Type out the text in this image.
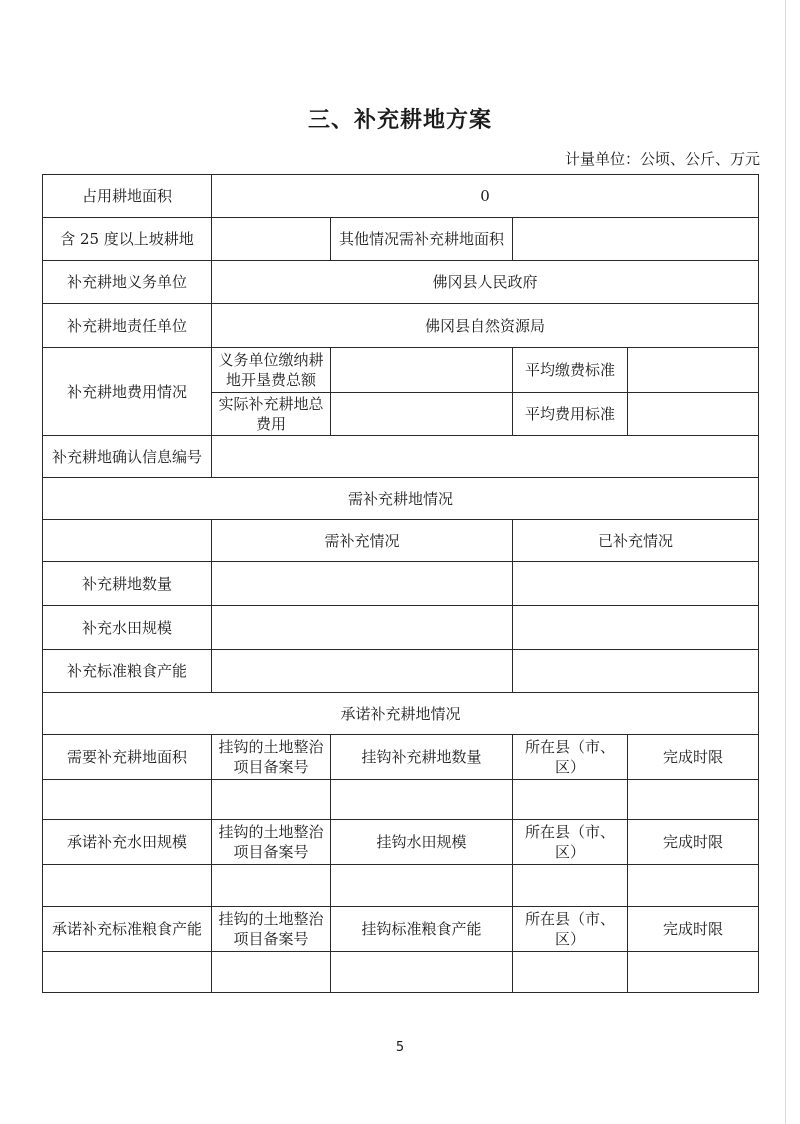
三、补充耕地方案
计量单位：公顷、公斤、万元
占用耕地面积	0			
含 25 度以上坡耕地		其他情况需补充耕地面积		
补充耕地义务单位	佛冈县人民政府			
补充耕地责任单位	佛冈县自然资源局			
补充耕地费用情况	义务单位缴纳耕地开垦费总额		平均缴费标准	
	实际补充耕地总费用		平均费用标准	
补充耕地确认信息编号				
需补充耕地情况				
	需补充情况		已补充情况	
补充耕地数量				
补充水田规模				
补充标准粮食产能				
承诺补充耕地情况				
需要补充耕地面积	挂钩的土地整治项目备案号	挂钩补充耕地数量	所在县（市、区）	完成时限

承诺补充水田规模	挂钩的土地整治项目备案号	挂钩水田规模	所在县（市、区）	完成时限

承诺补充标准粮食产能	挂钩的土地整治项目备案号	挂钩标准粮食产能	所在县（市、区）	完成时限

5
